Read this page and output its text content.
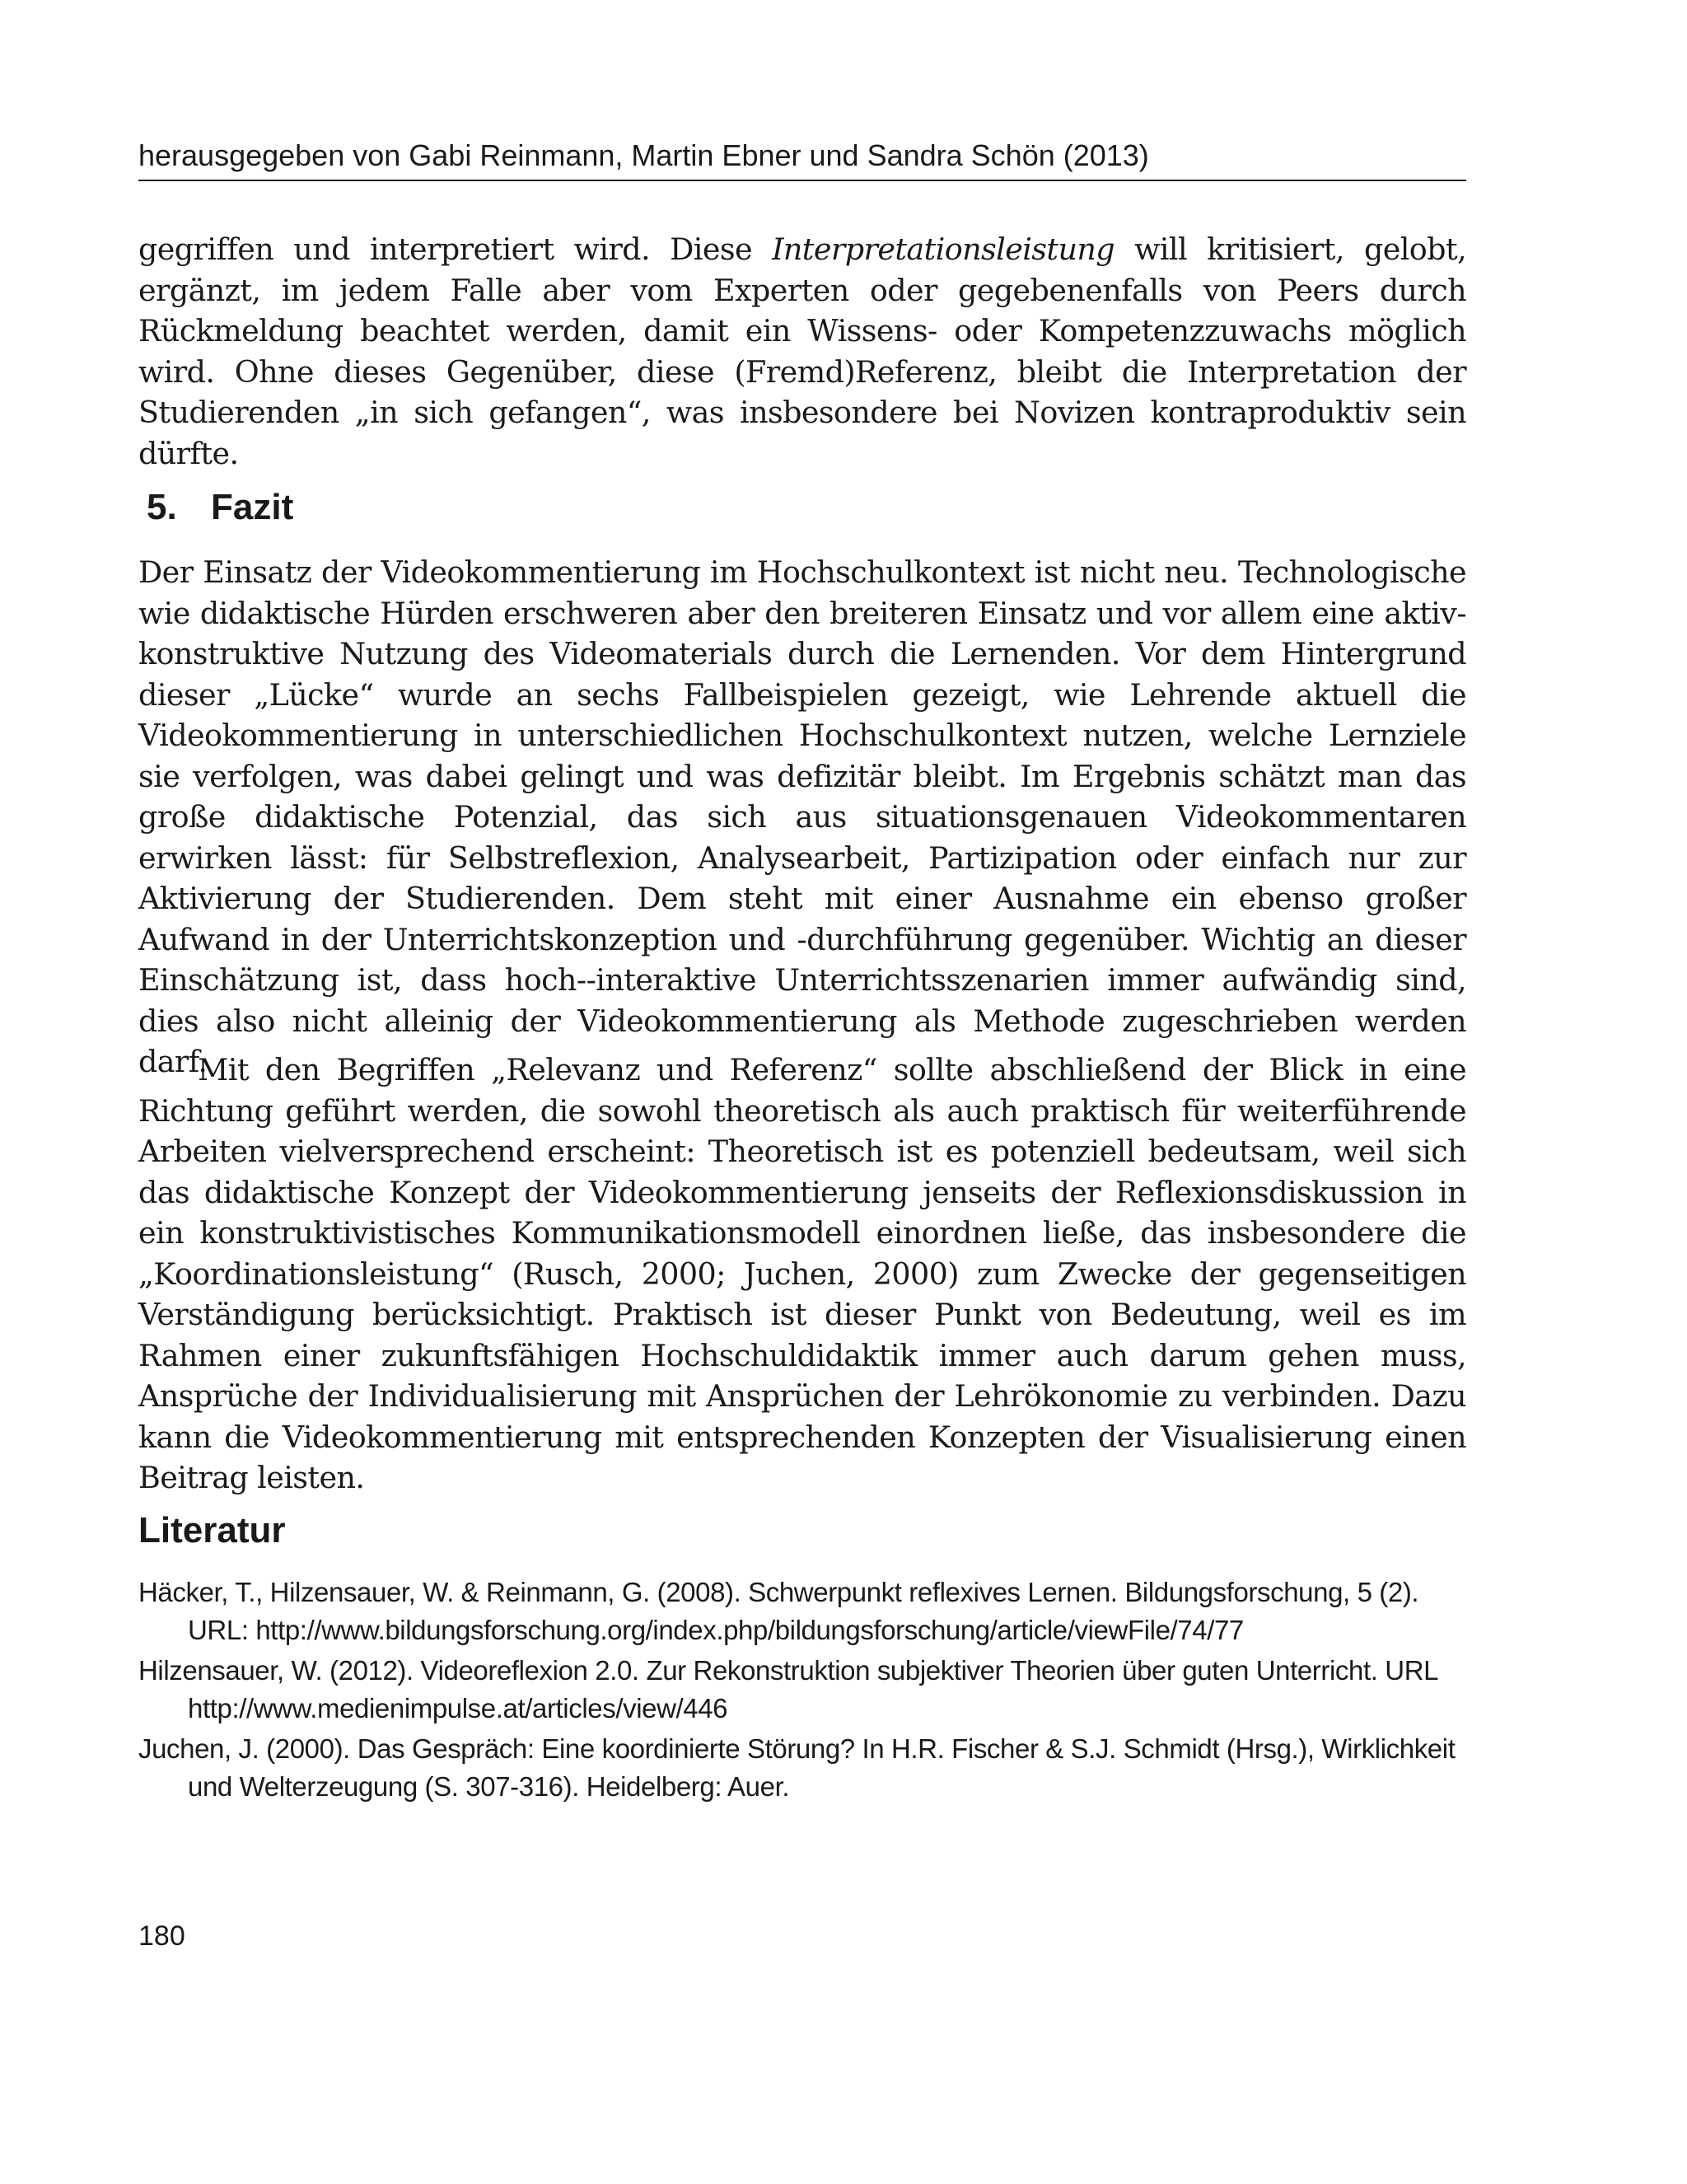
herausgegeben von Gabi Reinmann, Martin Ebner und Sandra Schön (2013)

gegriffen und interpretiert wird. Diese Interpretationsleistung will kritisiert, gelobt, ergänzt, im jedem Falle aber vom Experten oder gegebenenfalls von Peers durch Rückmeldung beachtet werden, damit ein Wissens- oder Kompetenzzuwachs möglich wird. Ohne dieses Gegenüber, diese (Fremd)Referenz, bleibt die Interpretation der Studierenden „in sich gefangen“, was insbesondere bei Novizen kontraproduktiv sein dürfte.

5. Fazit

Der Einsatz der Videokommentierung im Hochschulkontext ist nicht neu. Technologische wie didaktische Hürden erschweren aber den breiteren Einsatz und vor allem eine aktiv-konstruktive Nutzung des Videomaterials durch die Lernenden. Vor dem Hintergrund dieser „Lücke“ wurde an sechs Fallbeispielen gezeigt, wie Lehrende aktuell die Videokommentierung in unterschiedlichen Hochschulkontext nutzen, welche Lernziele sie verfolgen, was dabei gelingt und was defizitär bleibt. Im Ergebnis schätzt man das große didaktische Potenzial, das sich aus situationsgenauen Videokommentaren erwirken lässt: für Selbstreflexion, Analysearbeit, Partizipation oder einfach nur zur Aktivierung der Studierenden. Dem steht mit einer Ausnahme ein ebenso großer Aufwand in der Unterrichtskonzeption und -durchführung gegenüber. Wichtig an dieser Einschätzung ist, dass hoch--interaktive Unterrichtsszenarien immer aufwändig sind, dies also nicht alleinig der Videokommentierung als Methode zugeschrieben werden darf.

Mit den Begriffen „Relevanz und Referenz“ sollte abschließend der Blick in eine Richtung geführt werden, die sowohl theoretisch als auch praktisch für weiterführende Arbeiten vielversprechend erscheint: Theoretisch ist es potenziell bedeutsam, weil sich das didaktische Konzept der Videokommentierung jenseits der Reflexionsdiskussion in ein konstruktivistisches Kommunikationsmodell einordnen ließe, das insbesondere die „Koordinationsleistung“ (Rusch, 2000; Juchen, 2000) zum Zwecke der gegenseitigen Verständigung berücksichtigt. Praktisch ist dieser Punkt von Bedeutung, weil es im Rahmen einer zukunftsfähigen Hochschuldidaktik immer auch darum gehen muss, Ansprüche der Individualisierung mit Ansprüchen der Lehrökonomie zu verbinden. Dazu kann die Videokommentierung mit entsprechenden Konzepten der Visualisierung einen Beitrag leisten.

Literatur
Häcker, T., Hilzensauer, W. & Reinmann, G. (2008). Schwerpunkt reflexives Lernen. Bildungsforschung, 5 (2). URL: http://www.bildungsforschung.org/index.php/bildungsforschung/article/viewFile/74/77
Hilzensauer, W. (2012). Videoreflexion 2.0. Zur Rekonstruktion subjektiver Theorien über guten Unterricht. URL http://www.medienimpulse.at/articles/view/446
Juchen, J. (2000). Das Gespräch: Eine koordinierte Störung? In H.R. Fischer & S.J. Schmidt (Hrsg.), Wirklichkeit und Welterzeugung (S. 307-316). Heidelberg: Auer.
180
